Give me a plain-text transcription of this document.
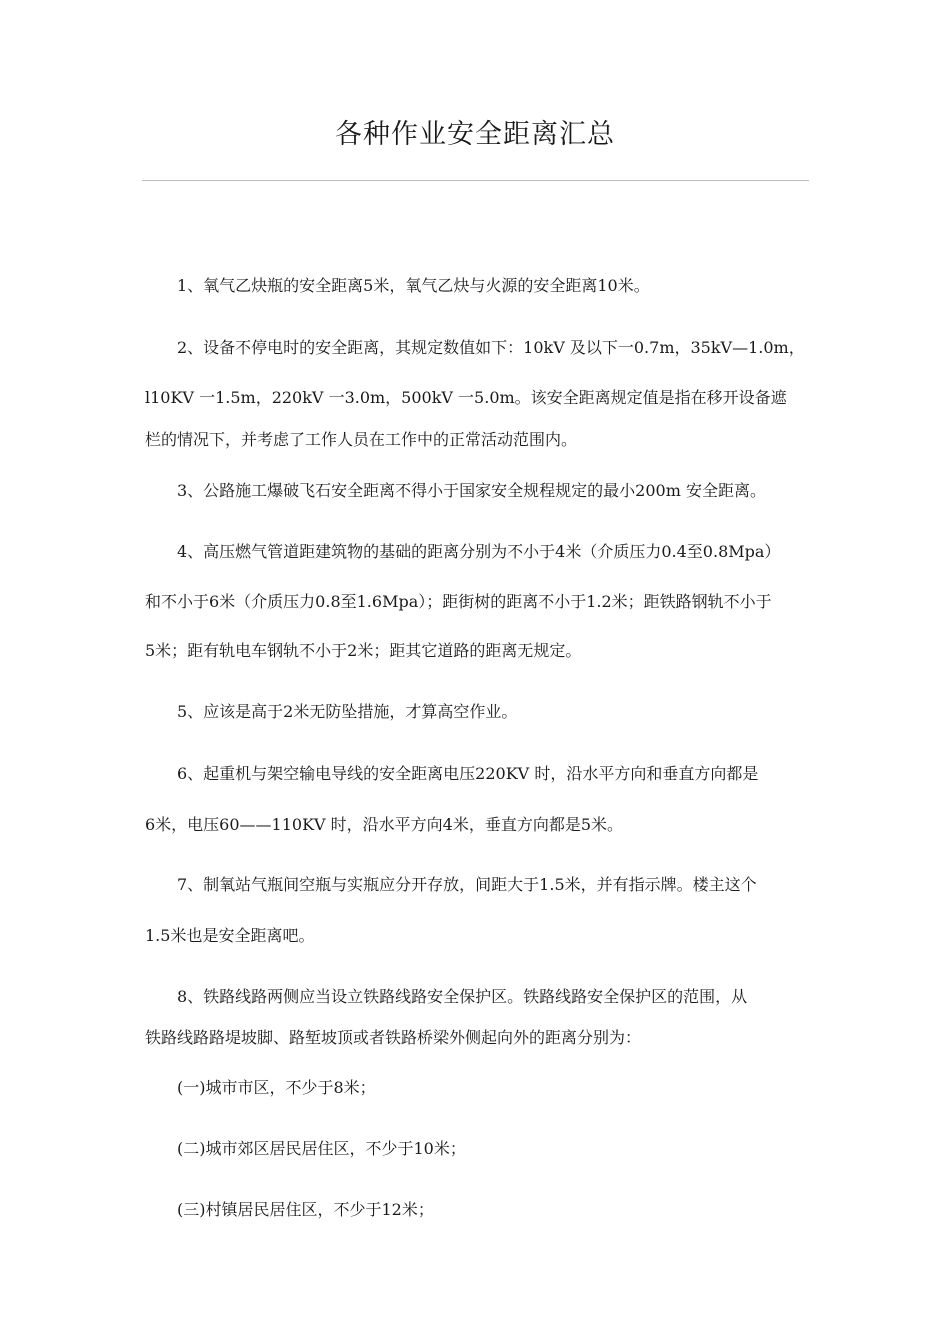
各种作业安全距离汇总

1、氧气乙炔瓶的安全距离5米，氧气乙炔与火源的安全距离10米。

2、设备不停电时的安全距离，其规定数值如下：10kV 及以下一0.7m，35kV—1.0m，

l10KV 一1.5m，220kV 一3.0m，500kV 一5.0m。该安全距离规定值是指在移开设备遮

栏的情况下，并考虑了工作人员在工作中的正常活动范围内。

3、公路施工爆破飞石安全距离不得小于国家安全规程规定的最小200m 安全距离。

4、高压燃气管道距建筑物的基础的距离分别为不小于4米（介质压力0.4至0.8Mpa）

和不小于6米（介质压力0.8至1.6Mpa）；距街树的距离不小于1.2米；距铁路钢轨不小于

5米；距有轨电车钢轨不小于2米；距其它道路的距离无规定。

5、应该是高于2米无防坠措施，才算高空作业。

6、起重机与架空输电导线的安全距离电压220KV 时，沿水平方向和垂直方向都是

6米，电压60——110KV 时，沿水平方向4米，垂直方向都是5米。

7、制氧站气瓶间空瓶与实瓶应分开存放，间距大于1.5米，并有指示牌。楼主这个

1.5米也是安全距离吧。

8、铁路线路两侧应当设立铁路线路安全保护区。铁路线路安全保护区的范围，从

铁路线路路堤坡脚、路堑坡顶或者铁路桥梁外侧起向外的距离分别为：

(一)城市市区，不少于8米；

(二)城市郊区居民居住区，不少于10米；

(三)村镇居民居住区，不少于12米；
